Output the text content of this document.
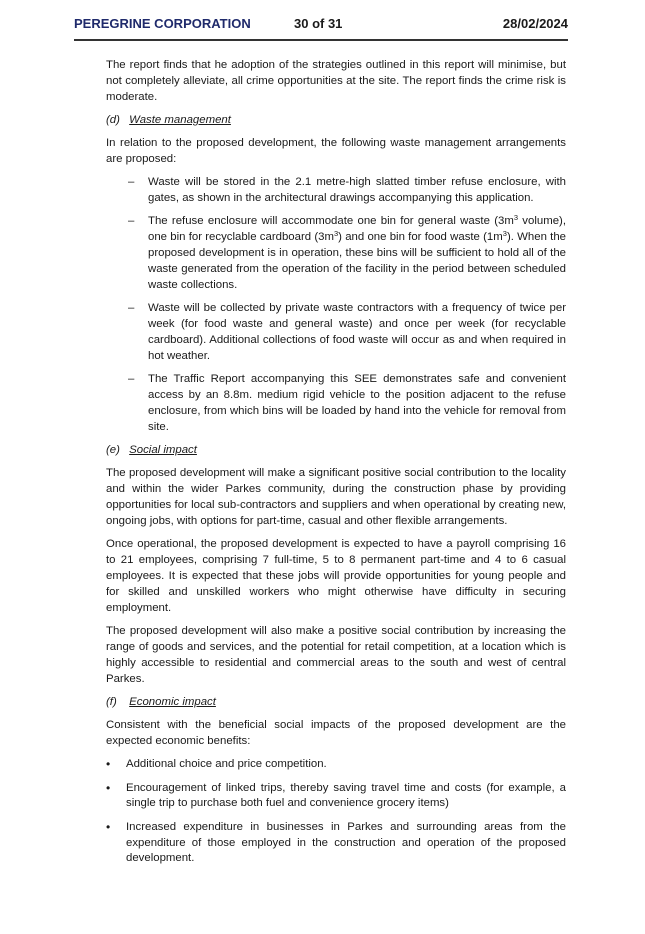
PEREGRINE CORPORATION	30 of 31	28/02/2024

The report finds that he adoption of the strategies outlined in this report will minimise, but not completely alleviate, all crime opportunities at the site. The report finds the crime risk is moderate.

(d) Waste management

In relation to the proposed development, the following waste management arrangements are proposed:

– Waste will be stored in the 2.1 metre-high slatted timber refuse enclosure, with gates, as shown in the architectural drawings accompanying this application.
– The refuse enclosure will accommodate one bin for general waste ($3m^3$ volume), one bin for recyclable cardboard $(3m^3)$ and one bin for food waste $(1m^3)$. When the proposed development is in operation, these bins will be sufficient to hold all of the waste generated from the operation of the facility in the period between scheduled waste collections.
– Waste will be collected by private waste contractors with a frequency of twice per week (for food waste and general waste) and once per week (for recyclable cardboard). Additional collections of food waste will occur as and when required in hot weather.
– The Traffic Report accompanying this SEE demonstrates safe and convenient access by an 8.8m. medium rigid vehicle to the position adjacent to the refuse enclosure, from which bins will be loaded by hand into the vehicle for removal from site.
(e) Social impact

The proposed development will make a significant positive social contribution to the locality and within the wider Parkes community, during the construction phase by providing opportunities for local sub-contractors and suppliers and when operational by creating new, ongoing jobs, with options for part-time, casual and other flexible arrangements.

Once operational, the proposed development is expected to have a payroll comprising 16 to 21 employees, comprising 7 full-time, 5 to 8 permanent part-time and 4 to 6 casual employees. It is expected that these jobs will provide opportunities for young people and for skilled and unskilled workers who might otherwise have difficulty in securing employment.

The proposed development will also make a positive social contribution by increasing the range of goods and services, and the potential for retail competition, at a location which is highly accessible to residential and commercial areas to the south and west of central Parkes.

(f) Economic impact

Consistent with the beneficial social impacts of the proposed development are the expected economic benefits:

• Additional choice and price competition.
• Encouragement of linked trips, thereby saving travel time and costs (for example, a single trip to purchase both fuel and convenience grocery items)
• Increased expenditure in businesses in Parkes and surrounding areas from the expenditure of those employed in the construction and operation of the proposed development.
